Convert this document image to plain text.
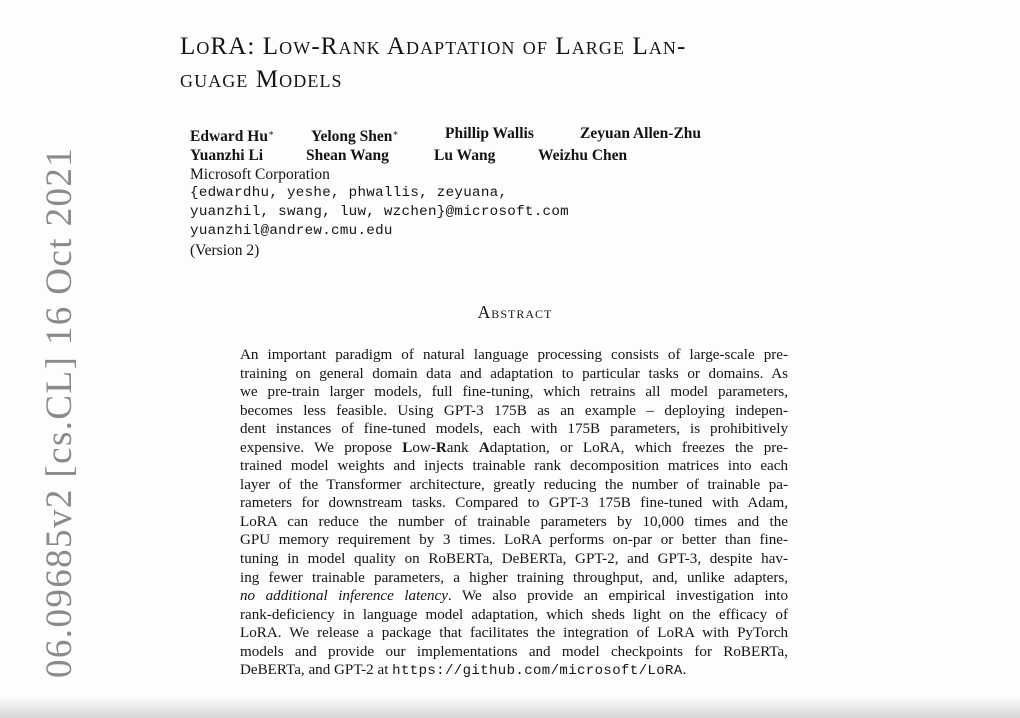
LoRA: Low-Rank Adaptation of Large Lan-
guage Models
Edward Hu∗	Yelong Shen∗	Phillip Wallis	Zeyuan Allen-Zhu
Yuanzhi Li	Shean Wang	Lu Wang	Weizhu Chen
Microsoft Corporation
{edwardhu, yeshe, phwallis, zeyuana,
yuanzhil, swang, luw, wzchen}@microsoft.com
yuanzhil@andrew.cmu.edu
(Version 2)
Abstract
An important paradigm of natural language processing consists of large-scale pre-
training on general domain data and adaptation to particular tasks or domains. As
we pre-train larger models, full fine-tuning, which retrains all model parameters,
becomes less feasible. Using GPT-3 175B as an example – deploying indepen-
dent instances of fine-tuned models, each with 175B parameters, is prohibitively
expensive. We propose Low-Rank Adaptation, or LoRA, which freezes the pre-
trained model weights and injects trainable rank decomposition matrices into each
layer of the Transformer architecture, greatly reducing the number of trainable pa-
rameters for downstream tasks. Compared to GPT-3 175B fine-tuned with Adam,
LoRA can reduce the number of trainable parameters by 10,000 times and the
GPU memory requirement by 3 times. LoRA performs on-par or better than fine-
tuning in model quality on RoBERTa, DeBERTa, GPT-2, and GPT-3, despite hav-
ing fewer trainable parameters, a higher training throughput, and, unlike adapters,
no additional inference latency. We also provide an empirical investigation into
rank-deficiency in language model adaptation, which sheds light on the efficacy of
LoRA. We release a package that facilitates the integration of LoRA with PyTorch
models and provide our implementations and model checkpoints for RoBERTa,
DeBERTa, and GPT-2 at https://github.com/microsoft/LoRA.
06.09685v2 [cs.CL] 16 Oct 2021
